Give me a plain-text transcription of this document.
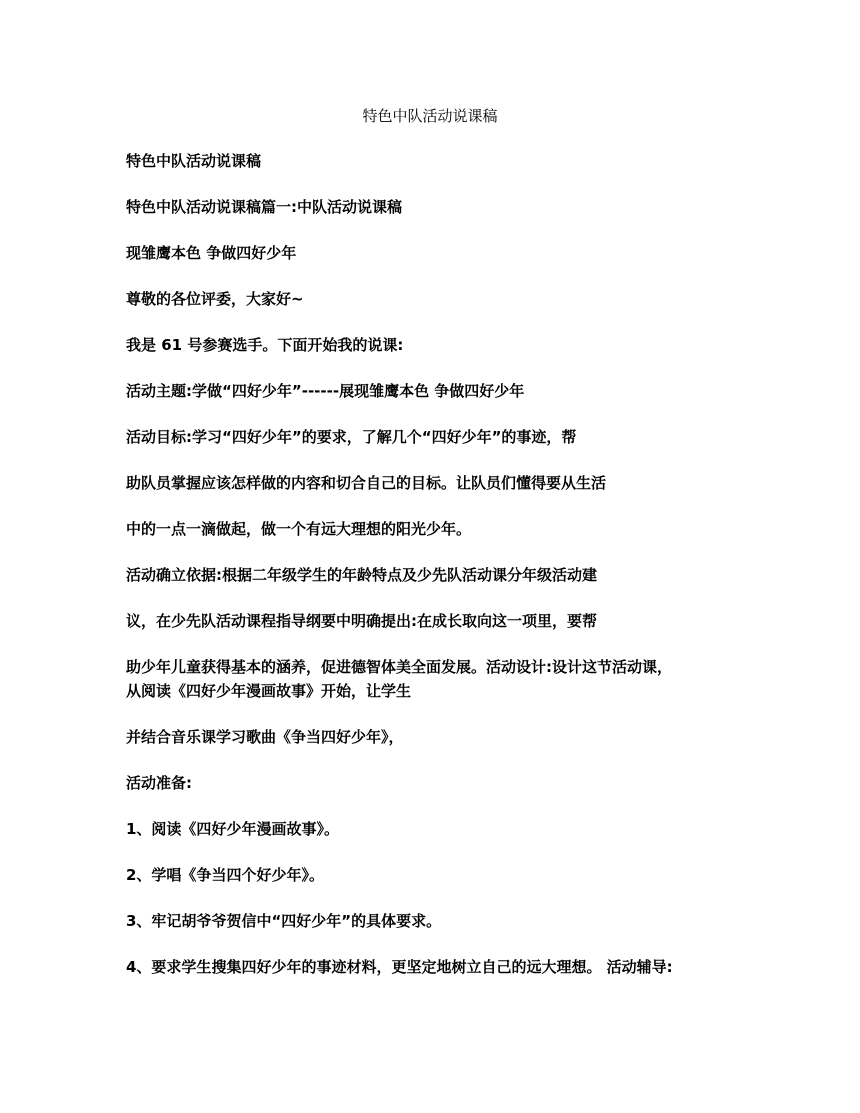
特色中队活动说课稿

特色中队活动说课稿

特色中队活动说课稿篇一:中队活动说课稿

现雏鹰本色 争做四好少年

尊敬的各位评委，大家好~

我是 61 号参赛选手。下面开始我的说课:

活动主题:学做“四好少年”------展现雏鹰本色 争做四好少年

活动目标:学习“四好少年”的要求，了解几个“四好少年”的事迹，帮

助队员掌握应该怎样做的内容和切合自己的目标。让队员们懂得要从生活

中的一点一滴做起，做一个有远大理想的阳光少年。

活动确立依据:根据二年级学生的年龄特点及少先队活动课分年级活动建

议，在少先队活动课程指导纲要中明确提出:在成长取向这一项里，要帮

助少年儿童获得基本的涵养，促进德智体美全面发展。活动设计:设计这节活动课，

从阅读《四好少年漫画故事》开始，让学生

并结合音乐课学习歌曲《争当四好少年》，

活动准备:

1、阅读《四好少年漫画故事》。

2、学唱《争当四个好少年》。

3、牢记胡爷爷贺信中“四好少年”的具体要求。

4、要求学生搜集四好少年的事迹材料，更坚定地树立自己的远大理想。 活动辅导:
